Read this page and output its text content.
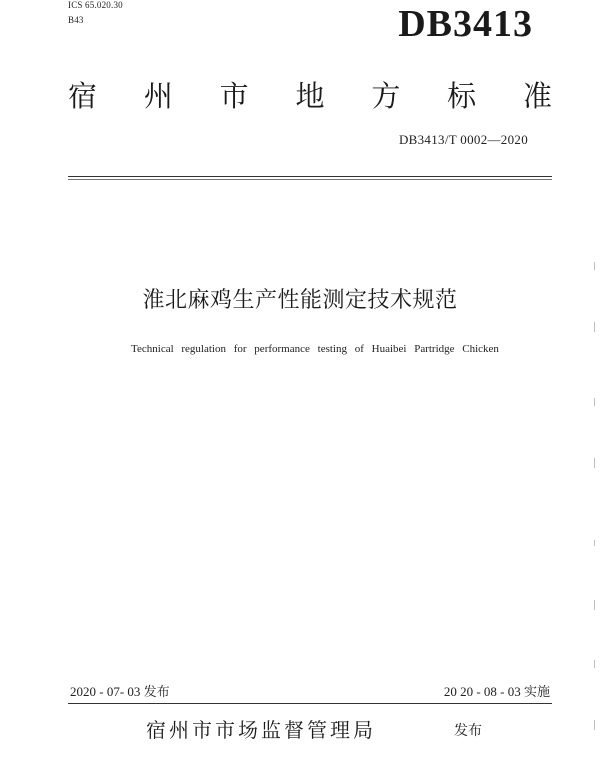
ICS 65.020.30
B43	DB3413
宿 州 市 地 方 标 准
DB3413/T 0002—2020
淮北麻鸡生产性能测定技术规范
Technical regulation for performance testing of Huaibei Partridge Chicken
2020 - 07- 03 发布	20 20 - 08 - 03 实施
宿州市市场监督管理局	发布
